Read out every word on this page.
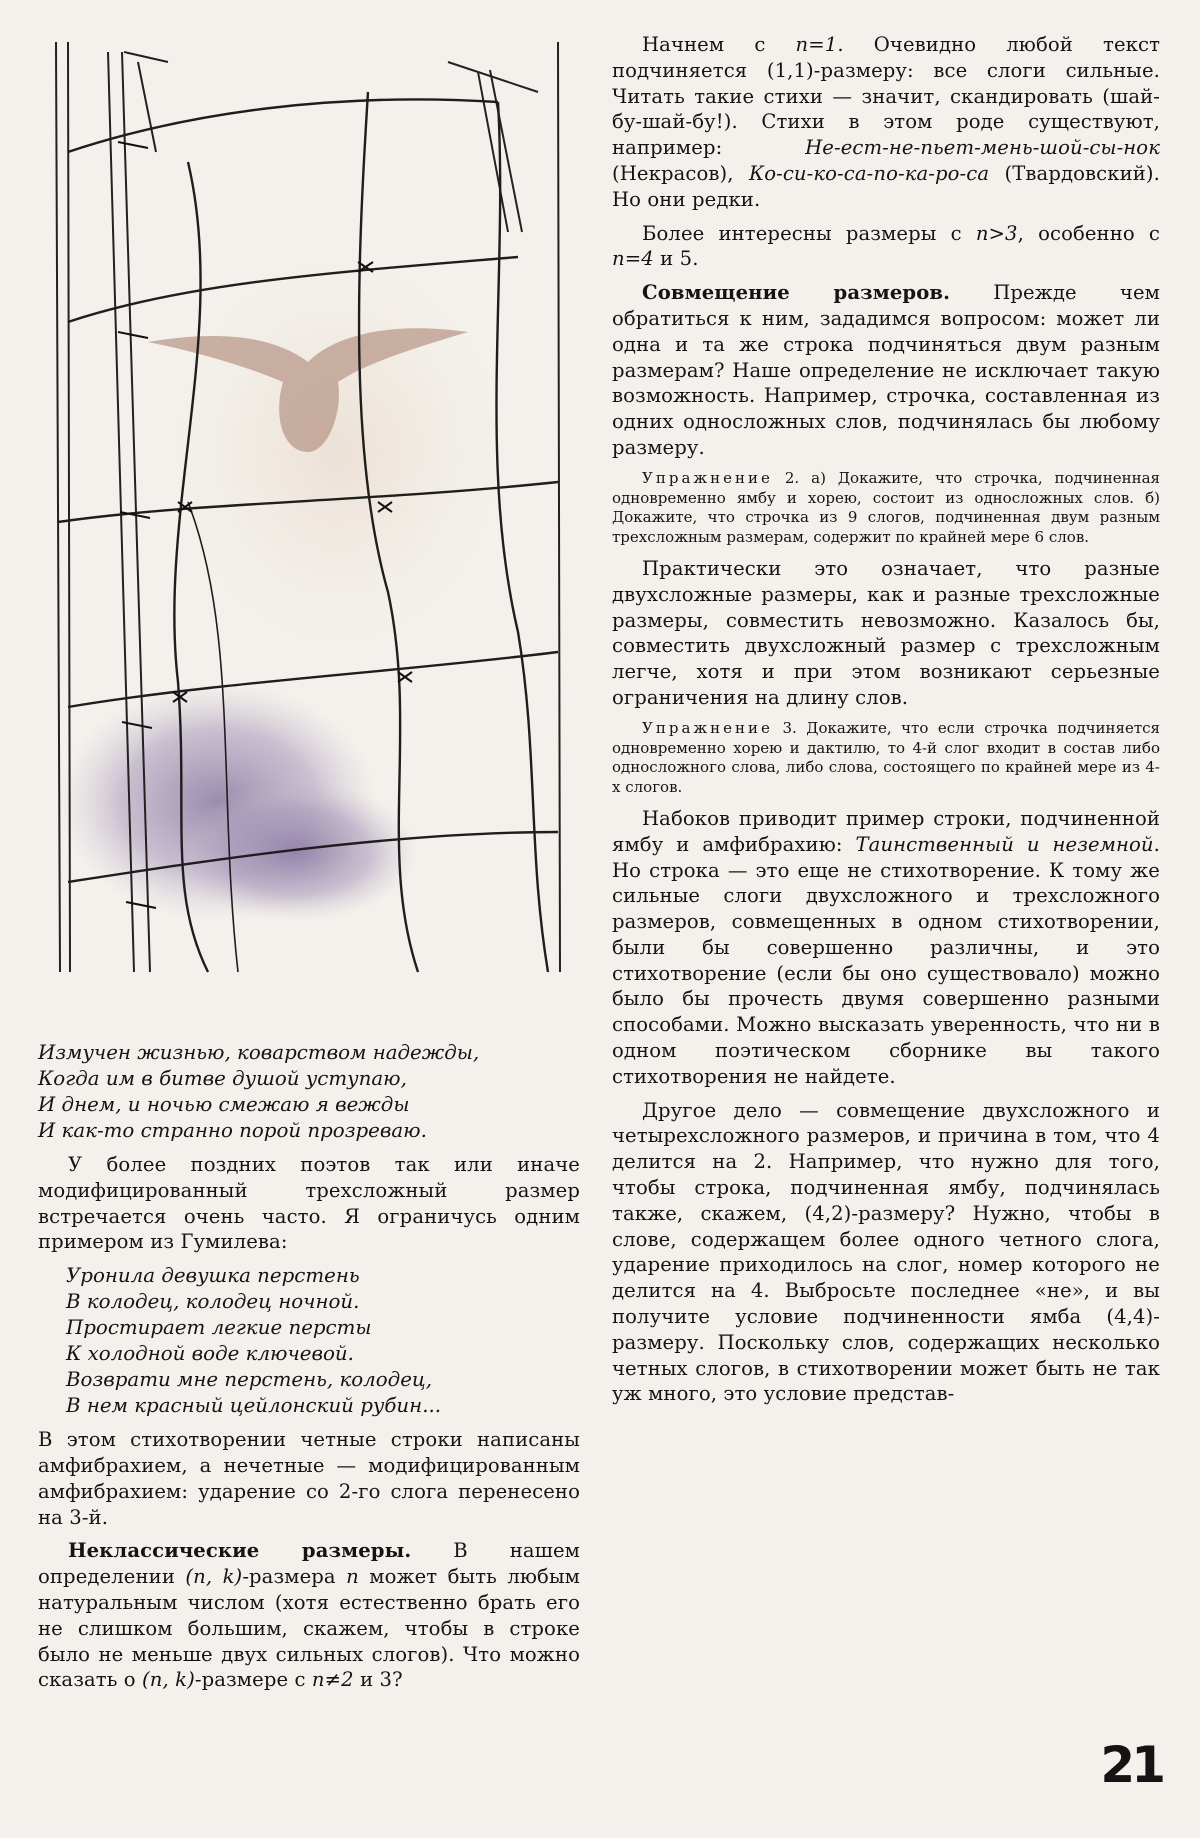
Измучен жизнью, коварством надежды,
Когда им в битве душой уступаю,
И днем, и ночью смежаю я вежды
И как-то странно порой прозреваю.

У более поздних поэтов так или иначе модифицированный трехсложный размер встречается очень часто. Я ограничусь одним примером из Гумилева:

Уронила девушка перстень
В колодец, колодец ночной.
Простирает легкие персты
К холодной воде ключевой.
Возврати мне перстень, колодец,
В нем красный цейлонский рубин...

В этом стихотворении четные строки написаны амфибрахием, а нечетные — модифицированным амфибрахием: ударение со 2-го слога перенесено на 3-й.

Неклассические размеры. В нашем определении (n, k)-размера n может быть любым натуральным числом (хотя естественно брать его не слишком большим, скажем, чтобы в строке было не меньше двух сильных слогов). Что можно сказать о (n, k)-размере с n≠2 и 3?

Начнем с n=1. Очевидно любой текст подчиняется (1,1)-размеру: все слоги сильные. Читать такие стихи — значит, скандировать (шай-бу-шай-бу!). Стихи в этом роде существуют, например: Не-ест-не-пьет-мень-шой-сы-нок (Некрасов), Ко-си-ко-са-по-ка-ро-са (Твардовский). Но они редки.

Более интересны размеры с n>3, особенно с n=4 и 5.

Совмещение размеров. Прежде чем обратиться к ним, зададимся вопросом: может ли одна и та же строка подчиняться двум разным размерам? Наше определение не исключает такую возможность. Например, строчка, составленная из одних односложных слов, подчинялась бы любому размеру.

Упражнение 2. а) Докажите, что строчка, подчиненная одновременно ямбу и хорею, состоит из односложных слов. б) Докажите, что строчка из 9 слогов, подчиненная двум разным трехсложным размерам, содержит по крайней мере 6 слов.

Практически это означает, что разные двухсложные размеры, как и разные трехсложные размеры, совместить невозможно. Казалось бы, совместить двухсложный размер с трехсложным легче, хотя и при этом возникают серьезные ограничения на длину слов.

Упражнение 3. Докажите, что если строчка подчиняется одновременно хорею и дактилю, то 4-й слог входит в состав либо односложного слова, либо слова, состоящего по крайней мере из 4-х слогов.

Набоков приводит пример строки, подчиненной ямбу и амфибрахию: Таинственный и неземной. Но строка — это еще не стихотворение. К тому же сильные слоги двухсложного и трехсложного размеров, совмещенных в одном стихотворении, были бы совершенно различны, и это стихотворение (если бы оно существовало) можно было бы прочесть двумя совершенно разными способами. Можно высказать уверенность, что ни в одном поэтическом сборнике вы такого стихотворения не найдете.

Другое дело — совмещение двухсложного и четырехсложного размеров, и причина в том, что 4 делится на 2. Например, что нужно для того, чтобы строка, подчиненная ямбу, подчинялась также, скажем, (4,2)-размеру? Нужно, чтобы в слове, содержащем более одного четного слога, ударение приходилось на слог, номер которого не делится на 4. Выбросьте последнее «не», и вы получите условие подчиненности ямба (4,4)-размеру. Поскольку слов, содержащих несколько четных слогов, в стихотворении может быть не так уж много, это условие представ-

21
